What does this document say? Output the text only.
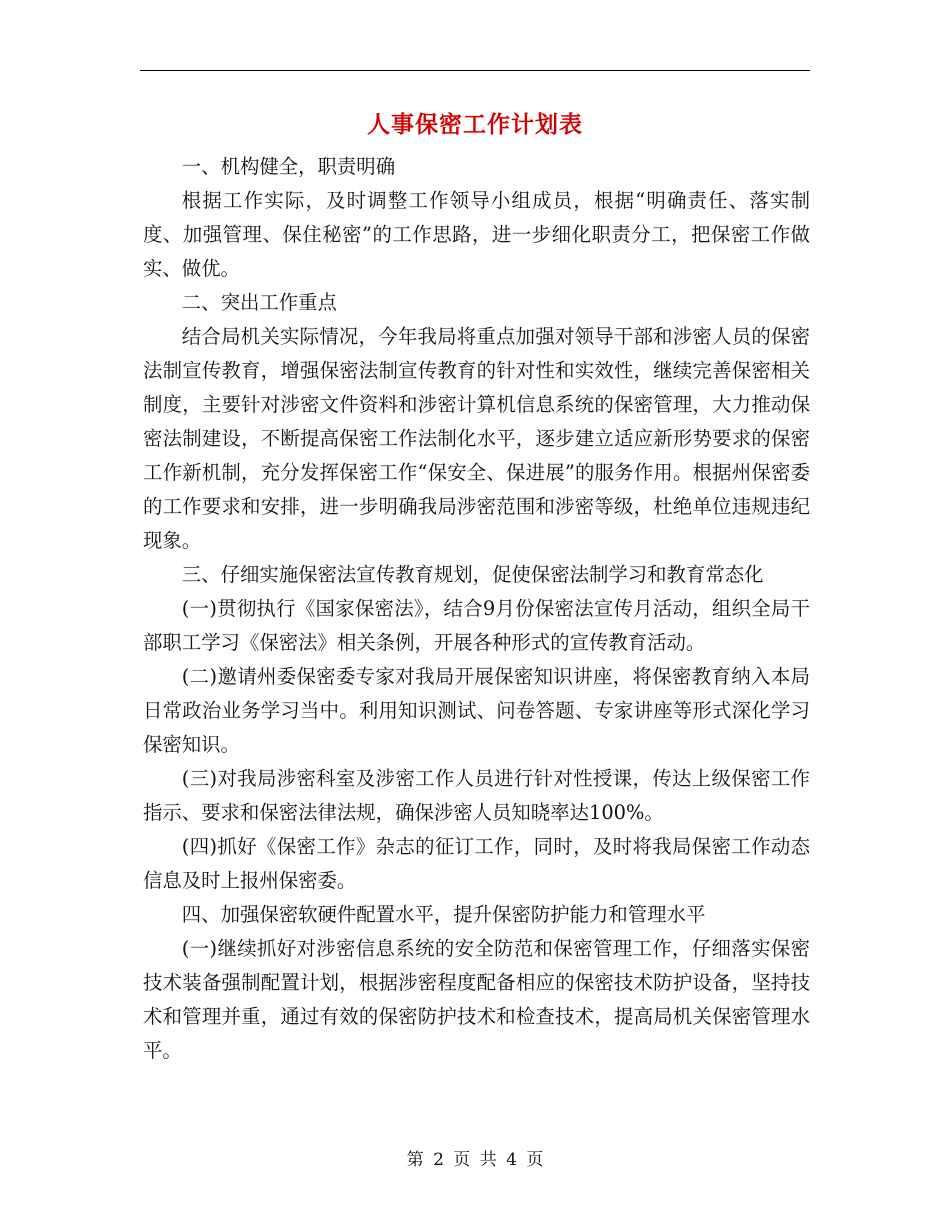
人事保密工作计划表

一、机构健全，职责明确

根据工作实际，及时调整工作领导小组成员，根据“明确责任、落实制度、加强管理、保住秘密”的工作思路，进一步细化职责分工，把保密工作做实、做优。

二、突出工作重点

结合局机关实际情况，今年我局将重点加强对领导干部和涉密人员的保密法制宣传教育，增强保密法制宣传教育的针对性和实效性，继续完善保密相关制度，主要针对涉密文件资料和涉密计算机信息系统的保密管理，大力推动保密法制建设，不断提高保密工作法制化水平，逐步建立适应新形势要求的保密工作新机制，充分发挥保密工作“保安全、保进展”的服务作用。根据州保密委的工作要求和安排，进一步明确我局涉密范围和涉密等级，杜绝单位违规违纪现象。

三、仔细实施保密法宣传教育规划，促使保密法制学习和教育常态化

(一)贯彻执行《国家保密法》，结合9月份保密法宣传月活动，组织全局干部职工学习《保密法》相关条例，开展各种形式的宣传教育活动。

(二)邀请州委保密委专家对我局开展保密知识讲座，将保密教育纳入本局日常政治业务学习当中。利用知识测试、问卷答题、专家讲座等形式深化学习保密知识。

(三)对我局涉密科室及涉密工作人员进行针对性授课，传达上级保密工作指示、要求和保密法律法规，确保涉密人员知晓率达100%。

(四)抓好《保密工作》杂志的征订工作，同时，及时将我局保密工作动态信息及时上报州保密委。

四、加强保密软硬件配置水平，提升保密防护能力和管理水平

(一)继续抓好对涉密信息系统的安全防范和保密管理工作，仔细落实保密技术装备强制配置计划，根据涉密程度配备相应的保密技术防护设备，坚持技术和管理并重，通过有效的保密防护技术和检查技术，提高局机关保密管理水平。

第 2 页 共 4 页
